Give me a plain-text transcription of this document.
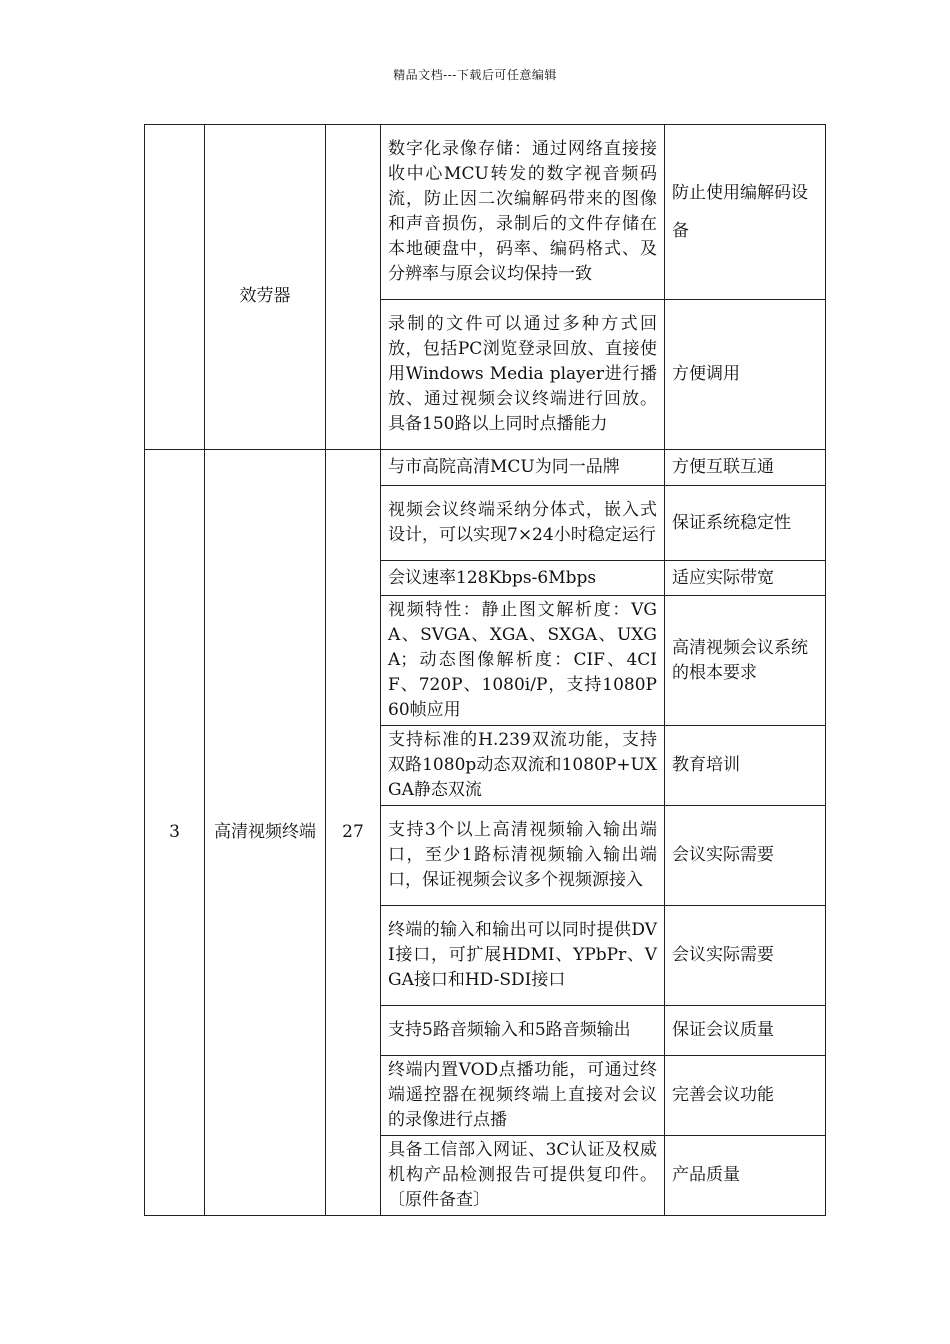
精品文档---下载后可任意编辑
	效劳器		数字化录像存储：通过网络直接接收中心MCU转发的数字视音频码流，防止因二次编解码带来的图像和声音损伤，录制后的文件存储在本地硬盘中，码率、编码格式、及分辨率与原会议均保持一致	防止使用编解码设备
			录制的文件可以通过多种方式回放，包括PC浏览登录回放、直接使用Windows Media player进行播放、通过视频会议终端进行回放。具备150路以上同时点播能力	方便调用
3	高清视频终端	27	与市高院高清MCU为同一品牌	方便互联互通
			视频会议终端采纳分体式，嵌入式设计，可以实现7×24小时稳定运行	保证系统稳定性
			会议速率128Kbps-6Mbps	适应实际带宽
			视频特性：静止图文解析度：VGA、SVGA、XGA、SXGA、UXGA；动态图像解析度：CIF、4CIF、720P、1080i/P，支持1080P 60帧应用	高清视频会议系统的根本要求
			支持标准的H.239双流功能，支持双路1080p动态双流和1080P+UXGA静态双流	教育培训
			支持3个以上高清视频输入输出端口，至少1路标清视频输入输出端口，保证视频会议多个视频源接入	会议实际需要
			终端的输入和输出可以同时提供DVI接口，可扩展HDMI、YPbPr、VGA接口和HD-SDI接口	会议实际需要
			支持5路音频输入和5路音频输出	保证会议质量
			终端内置VOD点播功能，可通过终端遥控器在视频终端上直接对会议的录像进行点播	完善会议功能
			具备工信部入网证、3C认证及权威机构产品检测报告可提供复印件。〔原件备查〕	产品质量
